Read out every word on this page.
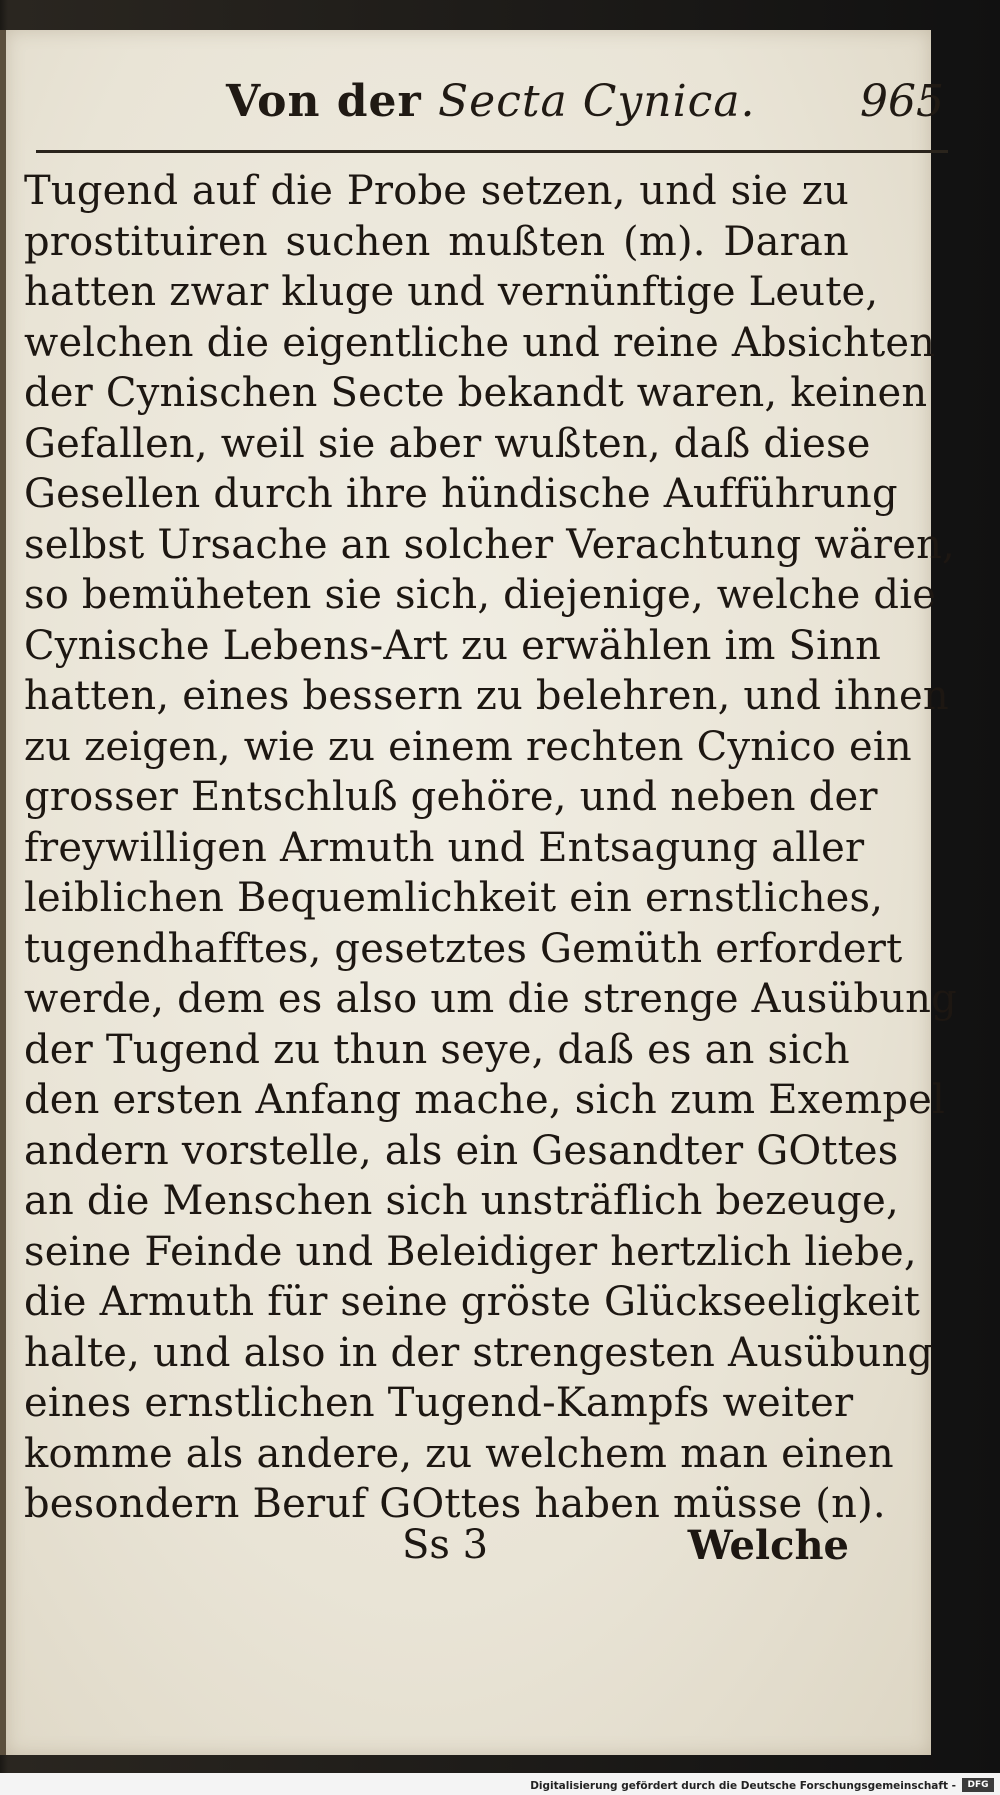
Von der Secta Cynica. 965
Tugend auf die Probe setzen, und sie zu
prostituiren suchen mußten (m). Daran
hatten zwar kluge und vernünftige Leute,
welchen die eigentliche und reine Absichten
der Cynischen Secte bekandt waren, keinen
Gefallen, weil sie aber wußten, daß diese
Gesellen durch ihre hündische Aufführung
selbst Ursache an solcher Verachtung wären,
so bemüheten sie sich, diejenige, welche die
Cynische Lebens-Art zu erwählen im Sinn
hatten, eines bessern zu belehren, und ihnen
zu zeigen, wie zu einem rechten Cynico ein
grosser Entschluß gehöre, und neben der
freywilligen Armuth und Entsagung aller
leiblichen Bequemlichkeit ein ernstliches,
tugendhafftes, gesetztes Gemüth erfordert
werde, dem es also um die strenge Ausübung
der Tugend zu thun seye, daß es an sich
den ersten Anfang mache, sich zum Exempel
andern vorstelle, als ein Gesandter GOttes
an die Menschen sich unsträflich bezeuge,
seine Feinde und Beleidiger hertzlich liebe,
die Armuth für seine gröste Glückseeligkeit
halte, und also in der strengesten Ausübung
eines ernstlichen Tugend-Kampfs weiter
komme als andere, zu welchem man einen
besondern Beruf GOttes haben müsse (n).
Ss 3	Welche
Digitalisierung gefördert durch die Deutsche Forschungsgemeinschaft -	DFG
